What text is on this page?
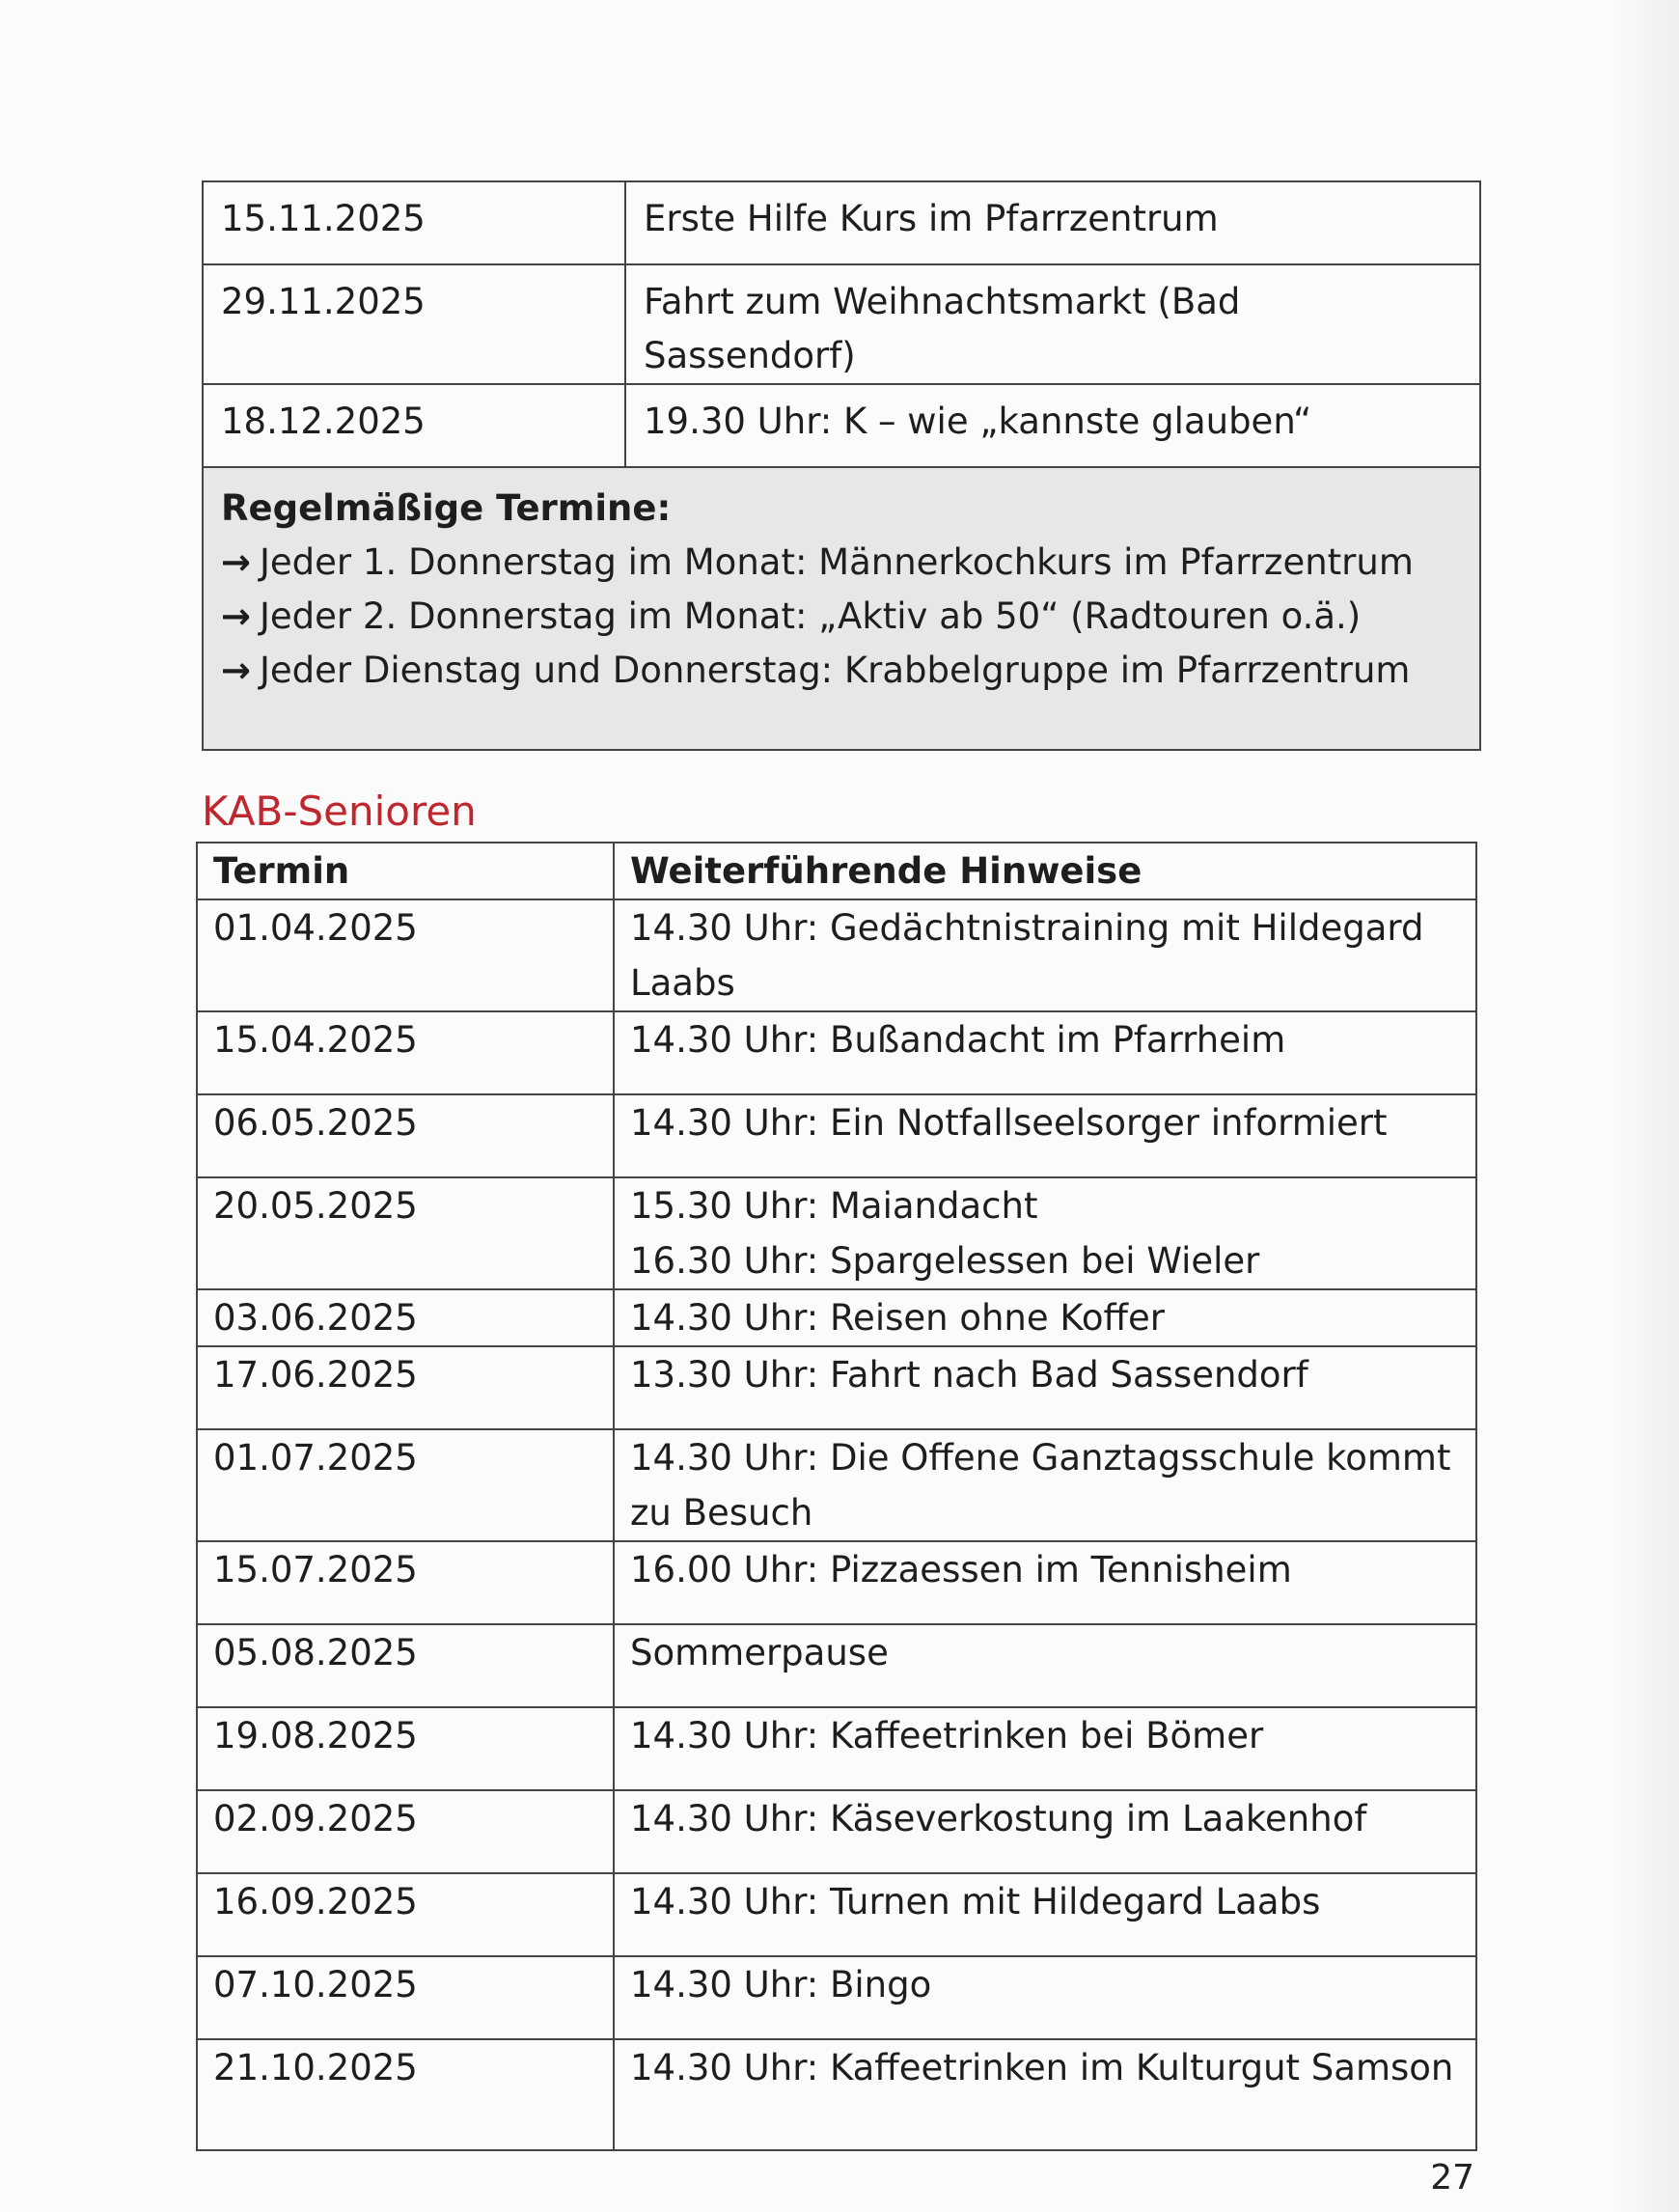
15.11.2025	Erste Hilfe Kurs im Pfarrzentrum
29.11.2025	Fahrt zum Weihnachtsmarkt (Bad Sassendorf)
18.12.2025	19.30 Uhr: K – wie „kannste glauben“

Regelmäßige Termine:
→ Jeder 1. Donnerstag im Monat: Männerkochkurs im Pfarrzentrum
→ Jeder 2. Donnerstag im Monat: „Aktiv ab 50“ (Radtouren o.ä.)
→ Jeder Dienstag und Donnerstag: Krabbelgruppe im Pfarrzentrum	
KAB-Senioren
Termin	Weiterführende Hinweise
01.04.2025	14.30 Uhr: Gedächtnistraining mit Hildegard Laabs
15.04.2025	14.30 Uhr: Bußandacht im Pfarrheim
06.05.2025	14.30 Uhr: Ein Notfallseelsorger informiert
20.05.2025	15.30 Uhr: Maiandacht
16.30 Uhr: Spargelessen bei Wieler
03.06.2025	14.30 Uhr: Reisen ohne Koffer
17.06.2025	13.30 Uhr: Fahrt nach Bad Sassendorf
01.07.2025	14.30 Uhr: Die Offene Ganztagsschule kommt zu Besuch
15.07.2025	16.00 Uhr: Pizzaessen im Tennisheim
05.08.2025	Sommerpause
19.08.2025	14.30 Uhr: Kaffeetrinken bei Bömer
02.09.2025	14.30 Uhr: Käseverkostung im Laakenhof
16.09.2025	14.30 Uhr: Turnen mit Hildegard Laabs
07.10.2025	14.30 Uhr: Bingo
21.10.2025	14.30 Uhr: Kaffeetrinken im Kulturgut Samson
27
